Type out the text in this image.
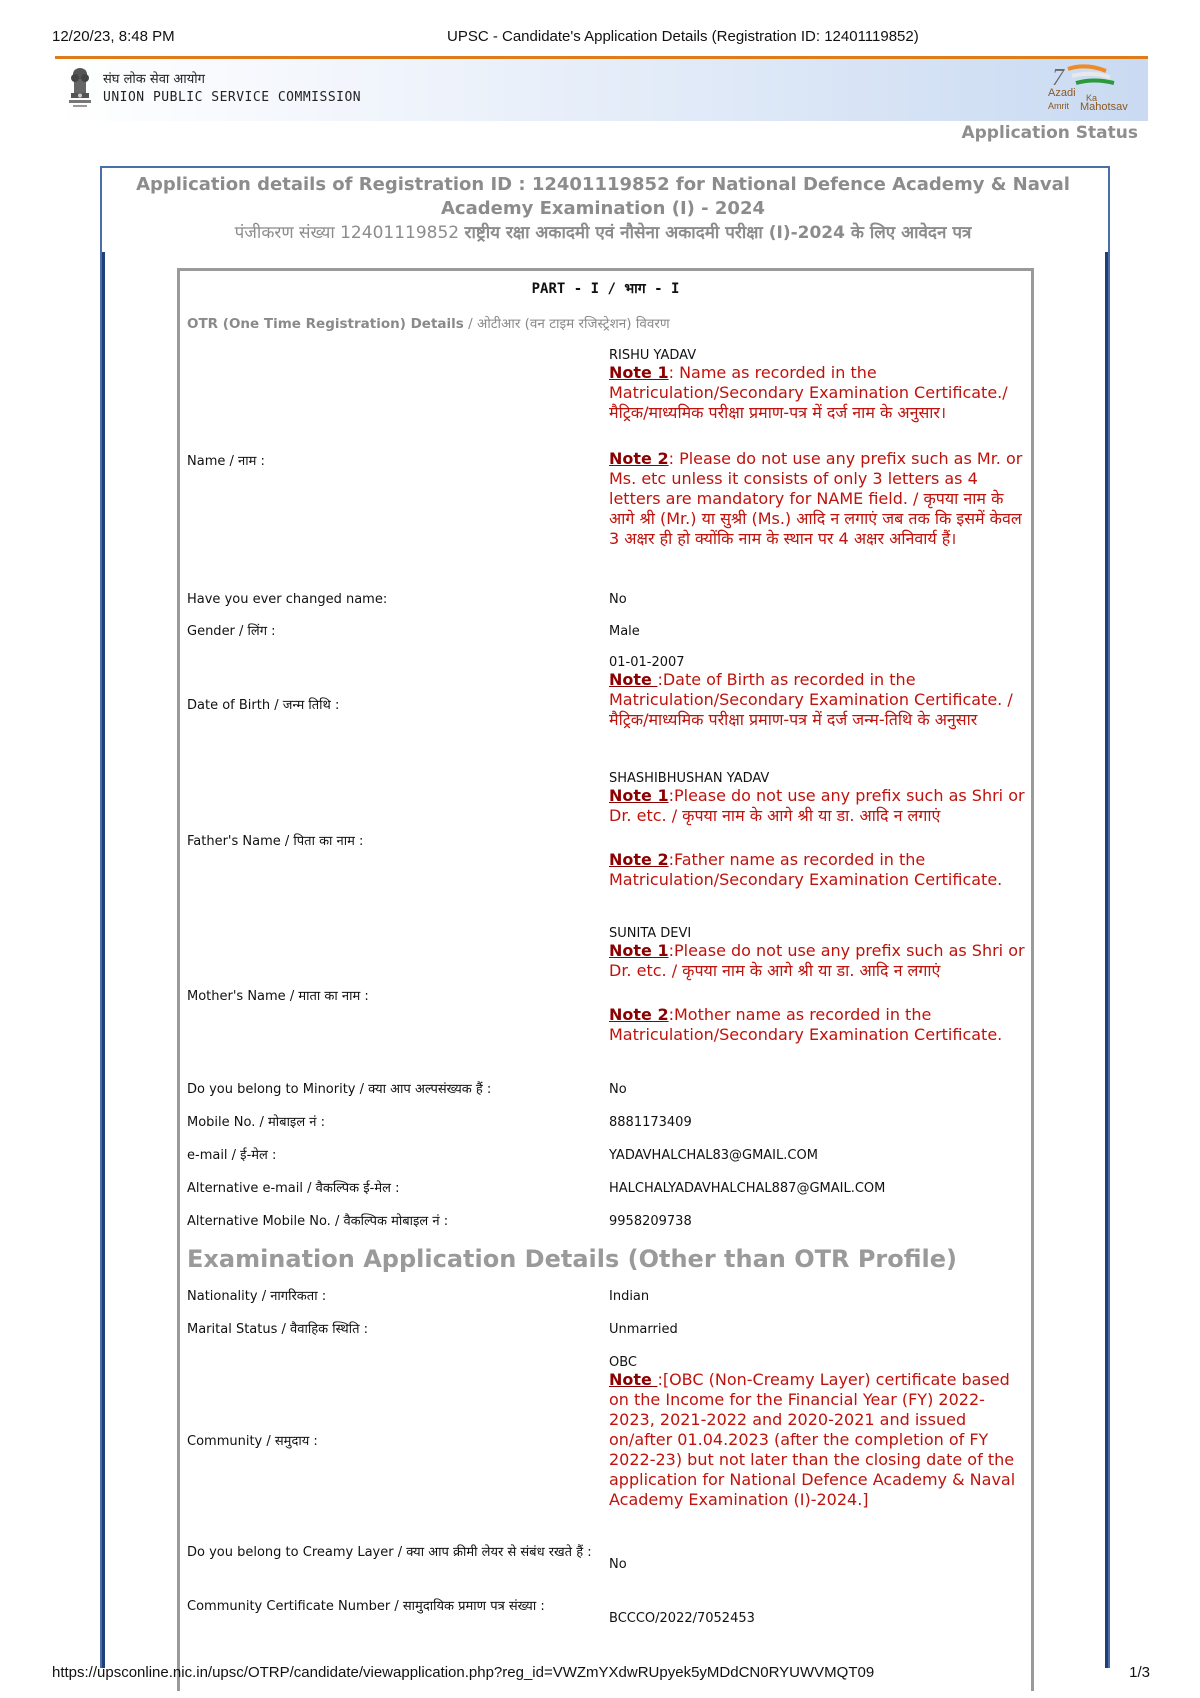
12/20/23, 8:48 PM	UPSC - Candidate's Application Details (Registration ID: 12401119852)
संघ लोक सेवा आयोग
UNION PUBLIC SERVICE COMMISSION
7
Azadi Ka
Amrit Mahotsav
Application Status
Application details of Registration ID : 12401119852 for National Defence Academy & Naval
Academy Examination (I) - 2024
पंजीकरण संख्या 12401119852 राष्ट्रीय रक्षा अकादमी एवं नौसेना अकादमी परीक्षा (I)-2024 के लिए आवेदन पत्र
PART - I / भाग - I
OTR (One Time Registration) Details / ओटीआर (वन टाइम रजिस्ट्रेशन) विवरण
Name / नाम :
RISHU YADAV
Note 1: Name as recorded in the Matriculation/Secondary Examination Certificate./ मैट्रिक/माध्यमिक परीक्षा प्रमाण-पत्र में दर्ज नाम के अनुसार।
Note 2: Please do not use any prefix such as Mr. or Ms. etc unless it consists of only 3 letters as 4 letters are mandatory for NAME field. / कृपया नाम के आगे श्री (Mr.) या सुश्री (Ms.) आदि न लगाएं जब तक कि इसमें केवल 3 अक्षर ही हो क्योंकि नाम के स्थान पर 4 अक्षर अनिवार्य हैं।
Have you ever changed name:	No
Gender / लिंग :	Male
Date of Birth / जन्म तिथि :
01-01-2007
Note :Date of Birth as recorded in the Matriculation/Secondary Examination Certificate. / मैट्रिक/माध्यमिक परीक्षा प्रमाण-पत्र में दर्ज जन्म-तिथि के अनुसार
Father's Name / पिता का नाम :
SHASHIBHUSHAN YADAV
Note 1:Please do not use any prefix such as Shri or Dr. etc. / कृपया नाम के आगे श्री या डा. आदि न लगाएं
Note 2:Father name as recorded in the Matriculation/Secondary Examination Certificate.
Mother's Name / माता का नाम :
SUNITA DEVI
Note 1:Please do not use any prefix such as Shri or Dr. etc. / कृपया नाम के आगे श्री या डा. आदि न लगाएं
Note 2:Mother name as recorded in the Matriculation/Secondary Examination Certificate.
Do you belong to Minority / क्या आप अल्पसंख्यक हैं :	No
Mobile No. / मोबाइल नं :	8881173409
e-mail / ई-मेल :	YADAVHALCHAL83@GMAIL.COM
Alternative e-mail / वैकल्पिक ई-मेल :	HALCHALYADAVHALCHAL887@GMAIL.COM
Alternative Mobile No. / वैकल्पिक मोबाइल नं :	9958209738
Examination Application Details (Other than OTR Profile)
Nationality / नागरिकता :	Indian
Marital Status / वैवाहिक स्थिति :	Unmarried
Community / समुदाय :
OBC
Note :[OBC (Non-Creamy Layer) certificate based on the Income for the Financial Year (FY) 2022-2023, 2021-2022 and 2020-2021 and issued on/after 01.04.2023 (after the completion of FY 2022-23) but not later than the closing date of the application for National Defence Academy & Naval Academy Examination (I)-2024.]
Do you belong to Creamy Layer / क्या आप क्रीमी लेयर से संबंध रखते हैं :
No
Community Certificate Number / सामुदायिक प्रमाण पत्र संख्या :
BCCCO/2022/7052453
https://upsconline.nic.in/upsc/OTRP/candidate/viewapplication.php?reg_id=VWZmYXdwRUpyek5yMDdCN0RYUWVMQT09	1/3
